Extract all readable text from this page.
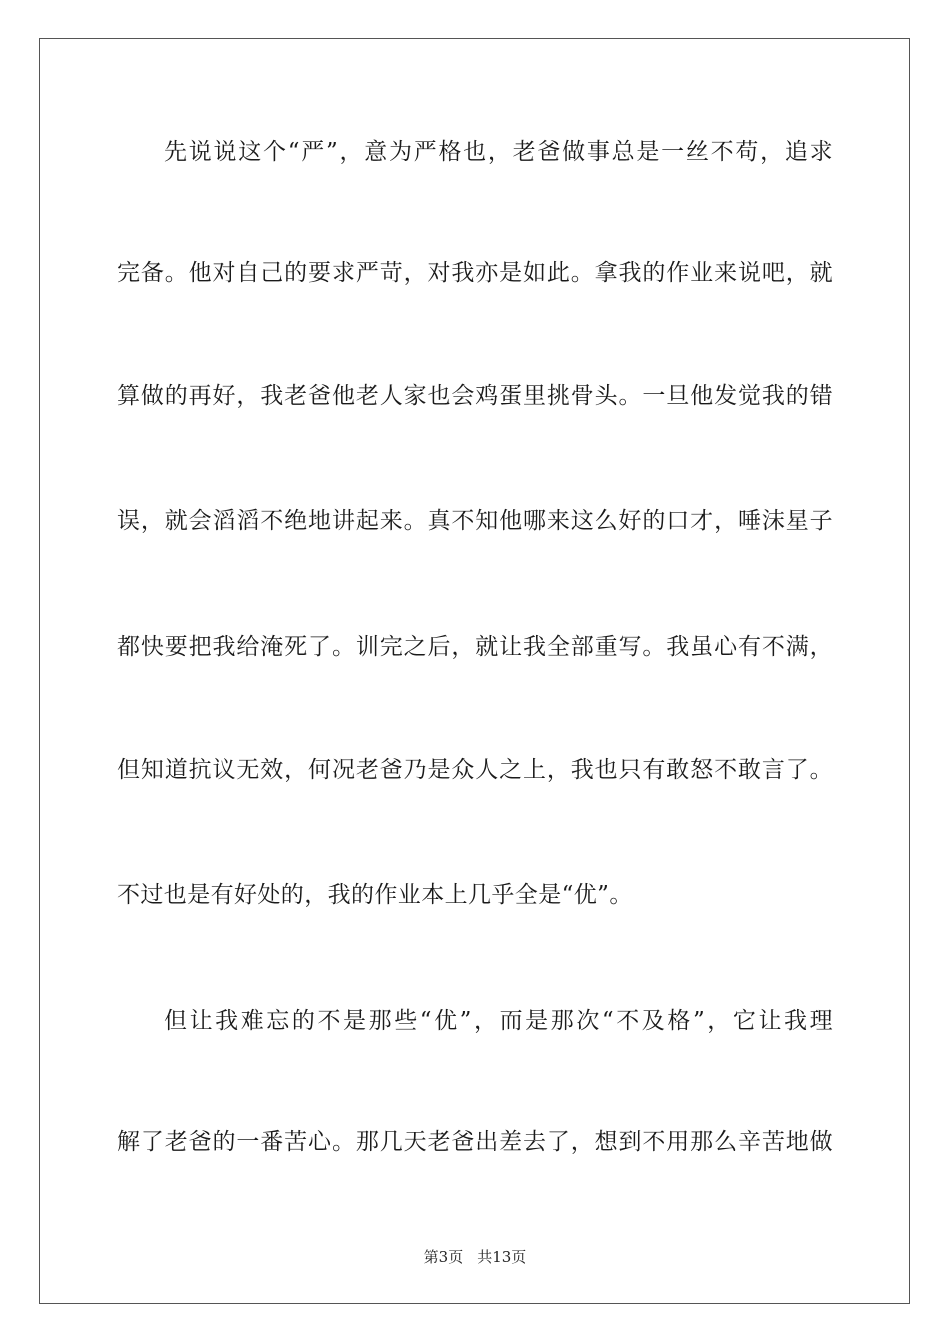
先说说这个“严”，意为严格也，老爸做事总是一丝不苟，追求
完备。他对自己的要求严苛，对我亦是如此。拿我的作业来说吧，就
算做的再好，我老爸他老人家也会鸡蛋里挑骨头。一旦他发觉我的错
误，就会滔滔不绝地讲起来。真不知他哪来这么好的口才，唾沫星子
都快要把我给淹死了。训完之后，就让我全部重写。我虽心有不满，
但知道抗议无效，何况老爸乃是众人之上，我也只有敢怒不敢言了。
不过也是有好处的，我的作业本上几乎全是“优”。
但让我难忘的不是那些“优”，而是那次“不及格”，它让我理
解了老爸的一番苦心。那几天老爸出差去了，想到不用那么辛苦地做
第3页 共13页
